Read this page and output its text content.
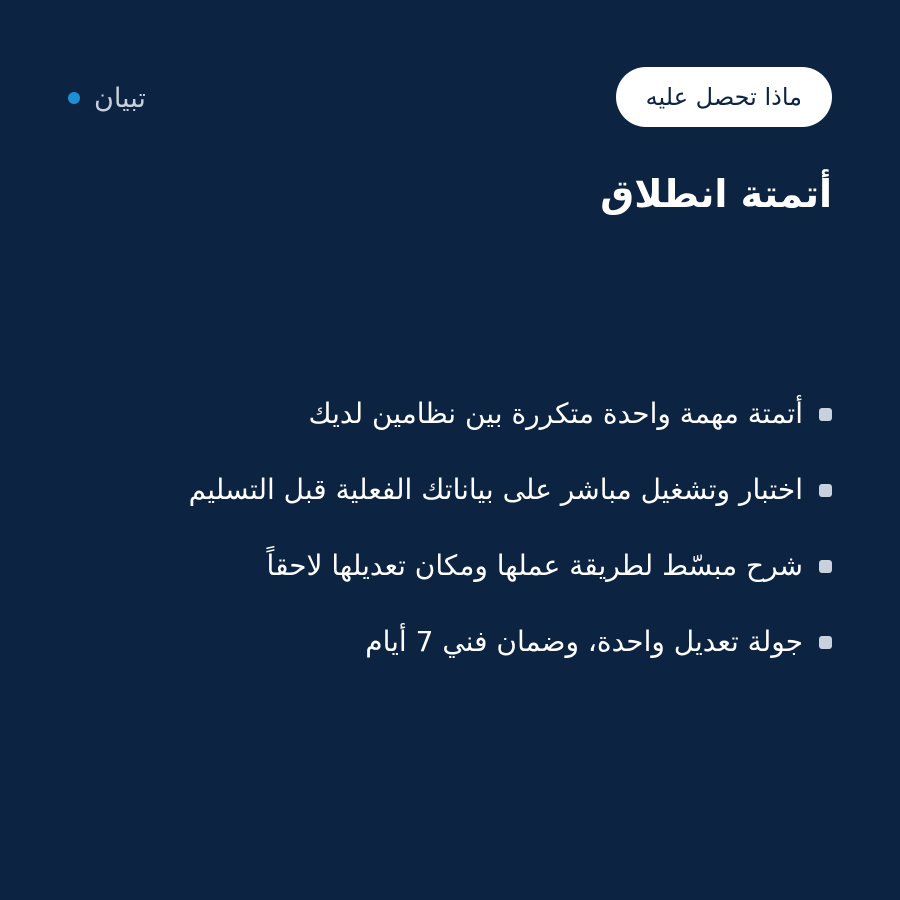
ماذا تحصل عليه
تبيان
أتمتة انطلاق
أتمتة مهمة واحدة متكررة بين نظامين لديك
اختبار وتشغيل مباشر على بياناتك الفعلية قبل التسليم
شرح مبسّط لطريقة عملها ومكان تعديلها لاحقاً
جولة تعديل واحدة، وضمان فني 7 أيام
